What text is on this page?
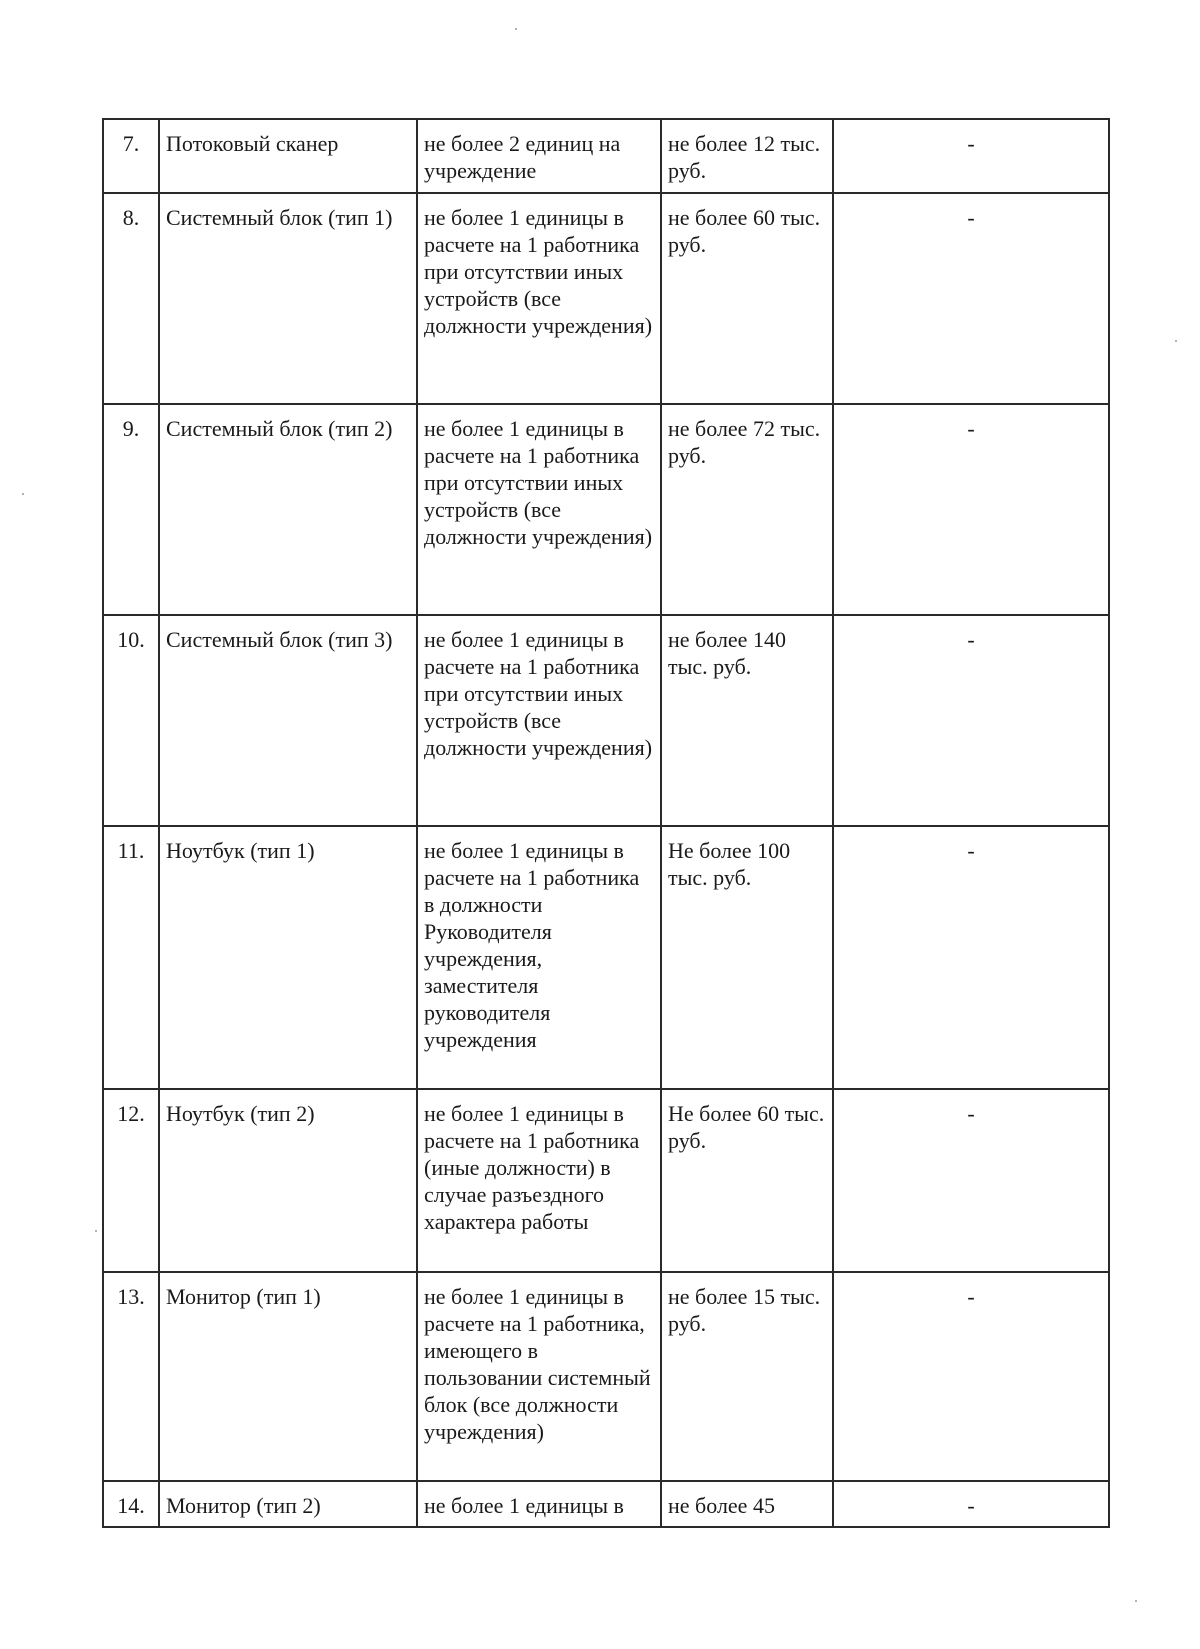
7.	Потоковый сканер	не более 2 единиц на учреждение	не более 12 тыс. руб.	-
8.	Системный блок (тип 1)	не более 1 единицы в расчете на 1 работника при отсутствии иных устройств (все должности учреждения)	не более 60 тыс. руб.	-
9.	Системный блок (тип 2)	не более 1 единицы в расчете на 1 работника при отсутствии иных устройств (все должности учреждения)	не более 72 тыс. руб.	-
10.	Системный блок (тип 3)	не более 1 единицы в расчете на 1 работника при отсутствии иных устройств (все должности учреждения)	не более 140 тыс. руб.	-
11.	Ноутбук (тип 1)	не более 1 единицы в расчете на 1 работника в должности Руководителя учреждения, заместителя руководителя учреждения	Не более 100 тыс. руб.	-
12.	Ноутбук (тип 2)	не более 1 единицы в расчете на 1 работника (иные должности) в случае разъездного характера работы	Не более 60 тыс. руб.	-
13.	Монитор (тип 1)	не более 1 единицы в расчете на 1 работника, имеющего в пользовании системный блок (все должности учреждения)	не более 15 тыс. руб.	-
14.	Монитор (тип 2)	не более 1 единицы в	не более 45	-
